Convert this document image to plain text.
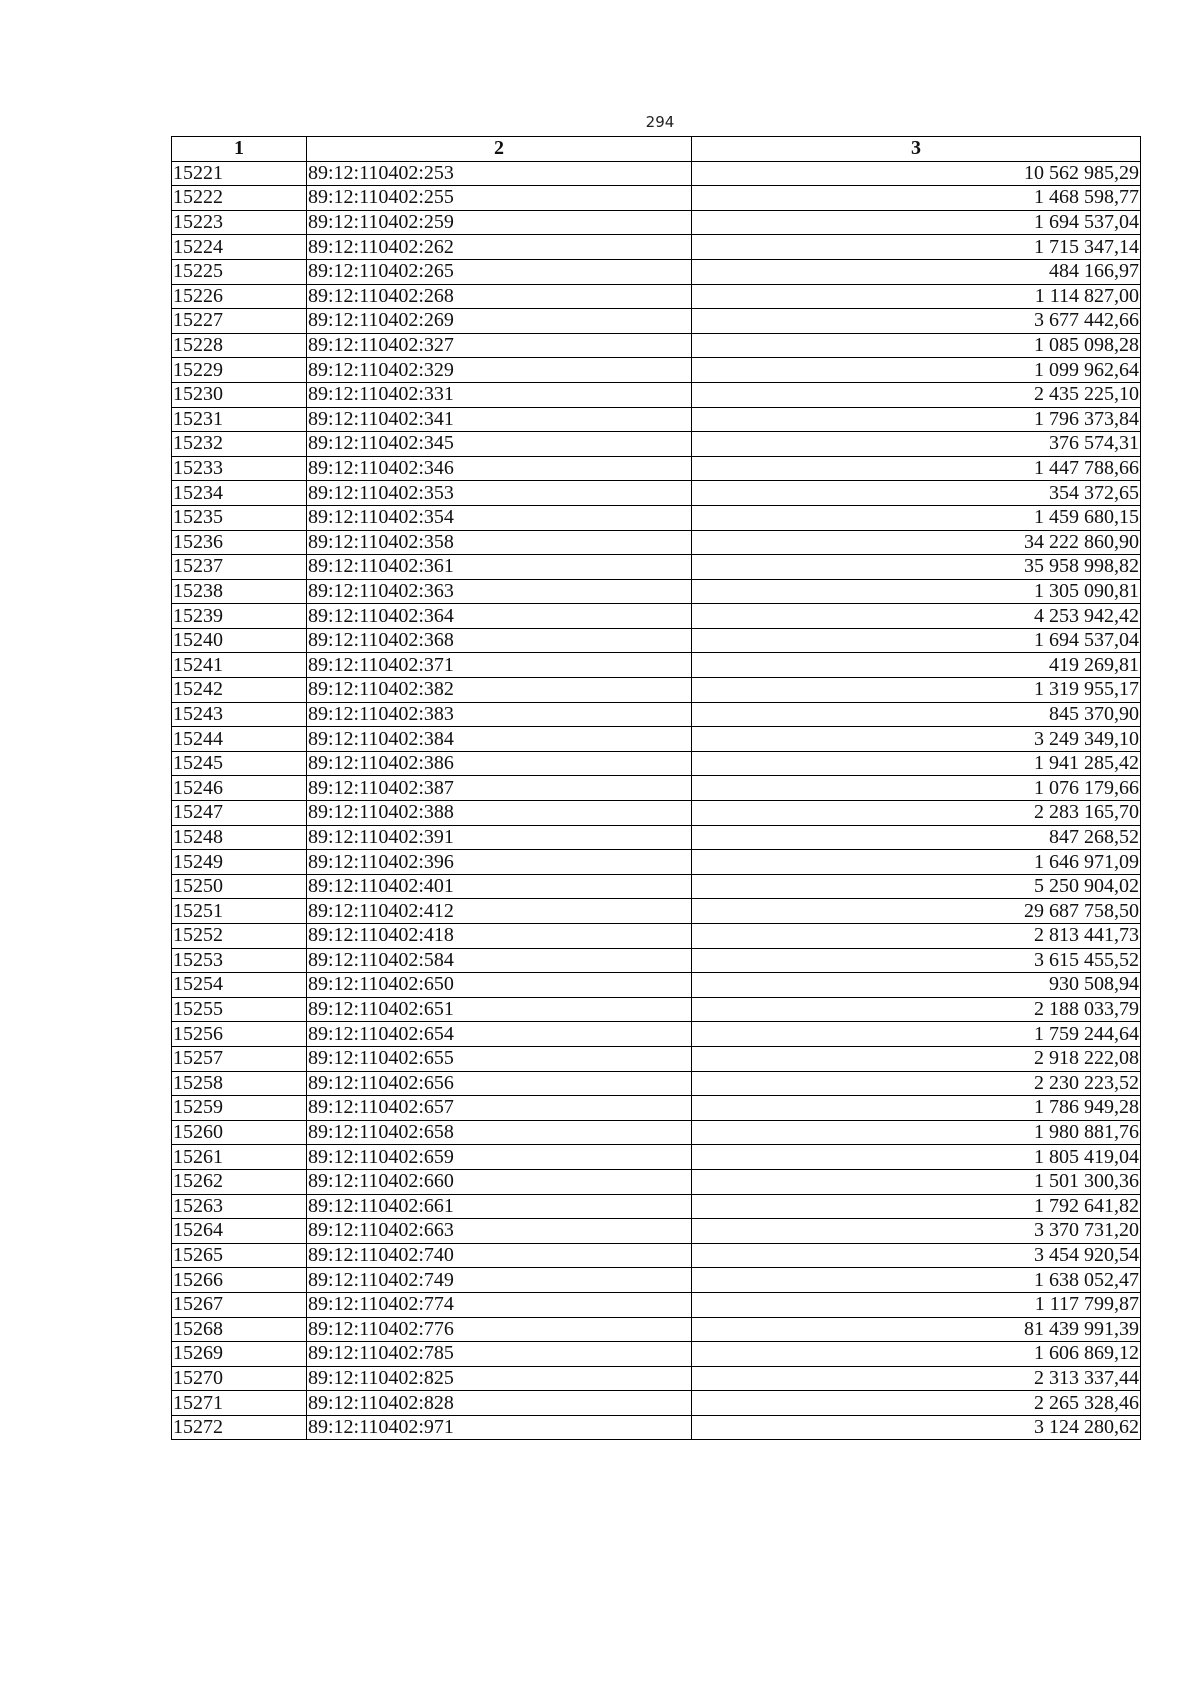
294
1	2	3
15221	89:12:110402:253	10 562 985,29
15222	89:12:110402:255	1 468 598,77
15223	89:12:110402:259	1 694 537,04
15224	89:12:110402:262	1 715 347,14
15225	89:12:110402:265	484 166,97
15226	89:12:110402:268	1 114 827,00
15227	89:12:110402:269	3 677 442,66
15228	89:12:110402:327	1 085 098,28
15229	89:12:110402:329	1 099 962,64
15230	89:12:110402:331	2 435 225,10
15231	89:12:110402:341	1 796 373,84
15232	89:12:110402:345	376 574,31
15233	89:12:110402:346	1 447 788,66
15234	89:12:110402:353	354 372,65
15235	89:12:110402:354	1 459 680,15
15236	89:12:110402:358	34 222 860,90
15237	89:12:110402:361	35 958 998,82
15238	89:12:110402:363	1 305 090,81
15239	89:12:110402:364	4 253 942,42
15240	89:12:110402:368	1 694 537,04
15241	89:12:110402:371	419 269,81
15242	89:12:110402:382	1 319 955,17
15243	89:12:110402:383	845 370,90
15244	89:12:110402:384	3 249 349,10
15245	89:12:110402:386	1 941 285,42
15246	89:12:110402:387	1 076 179,66
15247	89:12:110402:388	2 283 165,70
15248	89:12:110402:391	847 268,52
15249	89:12:110402:396	1 646 971,09
15250	89:12:110402:401	5 250 904,02
15251	89:12:110402:412	29 687 758,50
15252	89:12:110402:418	2 813 441,73
15253	89:12:110402:584	3 615 455,52
15254	89:12:110402:650	930 508,94
15255	89:12:110402:651	2 188 033,79
15256	89:12:110402:654	1 759 244,64
15257	89:12:110402:655	2 918 222,08
15258	89:12:110402:656	2 230 223,52
15259	89:12:110402:657	1 786 949,28
15260	89:12:110402:658	1 980 881,76
15261	89:12:110402:659	1 805 419,04
15262	89:12:110402:660	1 501 300,36
15263	89:12:110402:661	1 792 641,82
15264	89:12:110402:663	3 370 731,20
15265	89:12:110402:740	3 454 920,54
15266	89:12:110402:749	1 638 052,47
15267	89:12:110402:774	1 117 799,87
15268	89:12:110402:776	81 439 991,39
15269	89:12:110402:785	1 606 869,12
15270	89:12:110402:825	2 313 337,44
15271	89:12:110402:828	2 265 328,46
15272	89:12:110402:971	3 124 280,62
